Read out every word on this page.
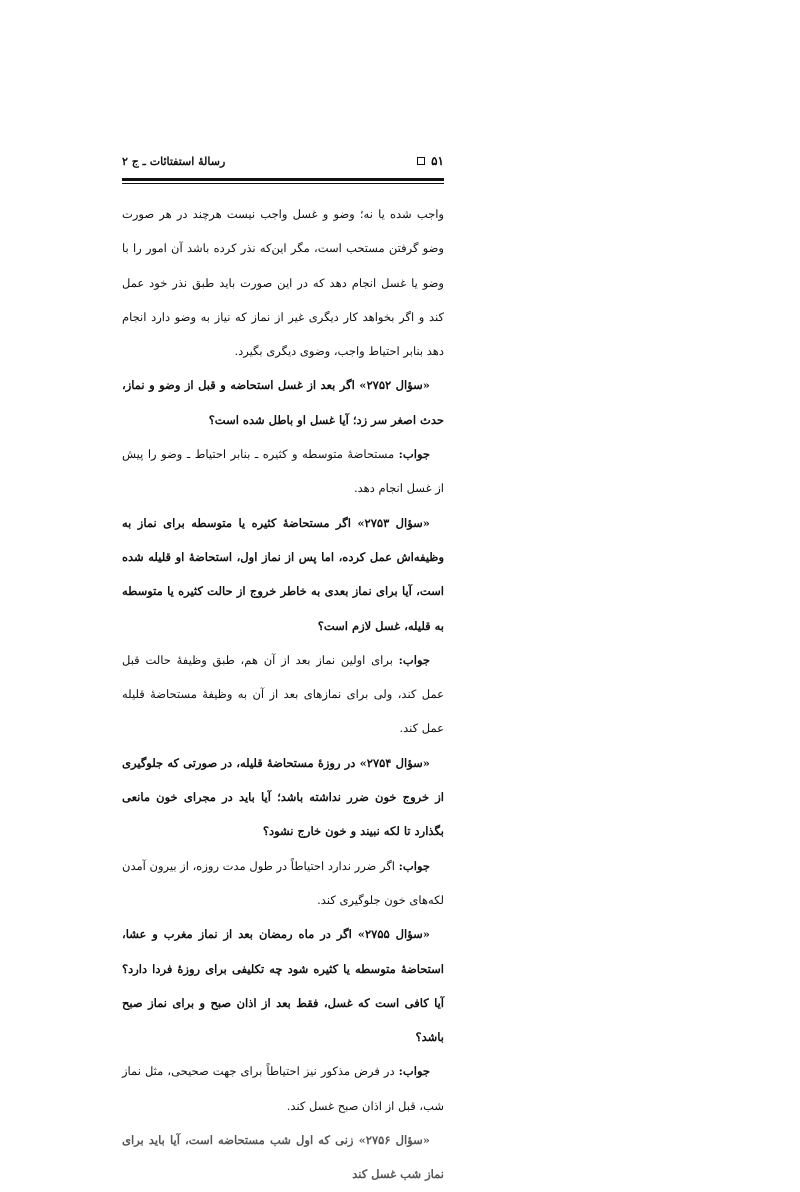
۵۱
رسالهٔ استفتائات ـ ج ۲

واجب شده یا نه؛ وضو و غسل واجب نیست هرچند در هر صورت وضو گرفتن مستحب است، مگر این‌که نذر کرده باشد آن امور را با وضو یا غسل انجام دهد که در این صورت باید طبق نذر خود عمل کند و اگر بخواهد کار دیگری غیر از نماز که نیاز به وضو دارد انجام دهد بنابر احتیاط واجب، وضوی دیگری بگیرد.

«سؤال ۲۷۵۲» اگر بعد از غسل استحاضه و قبل از وضو و نماز، حدث اصغر سر زد؛ آیا غسل او باطل شده است؟

جواب: مستحاضهٔ متوسطه و کثیره ـ بنابر احتیاط ـ وضو را پیش از غسل انجام دهد.

«سؤال ۲۷۵۳» اگر مستحاضهٔ کثیره یا متوسطه برای نماز به وظیفه‌اش عمل کرده، اما پس از نماز اول، استحاضهٔ او قلیله شده است، آیا برای نماز بعدی به خاطر خروج از حالت کثیره یا متوسطه به قلیله، غسل لازم است؟

جواب: برای اولین نماز بعد از آن هم، طبق وظیفهٔ حالت قبل عمل کند، ولی برای نمازهای بعد از آن به وظیفهٔ مستحاضهٔ قلیله عمل کند.

«سؤال ۲۷۵۴» در روزهٔ مستحاضهٔ قلیله، در صورتی که جلوگیری از خروج خون ضرر نداشته باشد؛ آیا باید در مجرای خون مانعی بگذارد تا لکه نبیند و خون خارج نشود؟

جواب: اگر ضرر ندارد احتیاطاً در طول مدت روزه، از بیرون آمدن لکه‌های خون جلوگیری کند.

«سؤال ۲۷۵۵» اگر در ماه رمضان بعد از نماز مغرب و عشا، استحاضهٔ متوسطه یا کثیره شود چه تکلیفی برای روزهٔ فردا دارد؟ آیا کافی است که غسل، فقط بعد از اذان صبح و برای نماز صبح باشد؟

جواب: در فرض مذکور نیز احتیاطاً برای جهت صحیحی، مثل نماز شب، قبل از اذان صبح غسل کند.

«سؤال ۲۷۵۶» زنی که اول شب مستحاضه است، آیا باید برای نماز شب غسل کند
